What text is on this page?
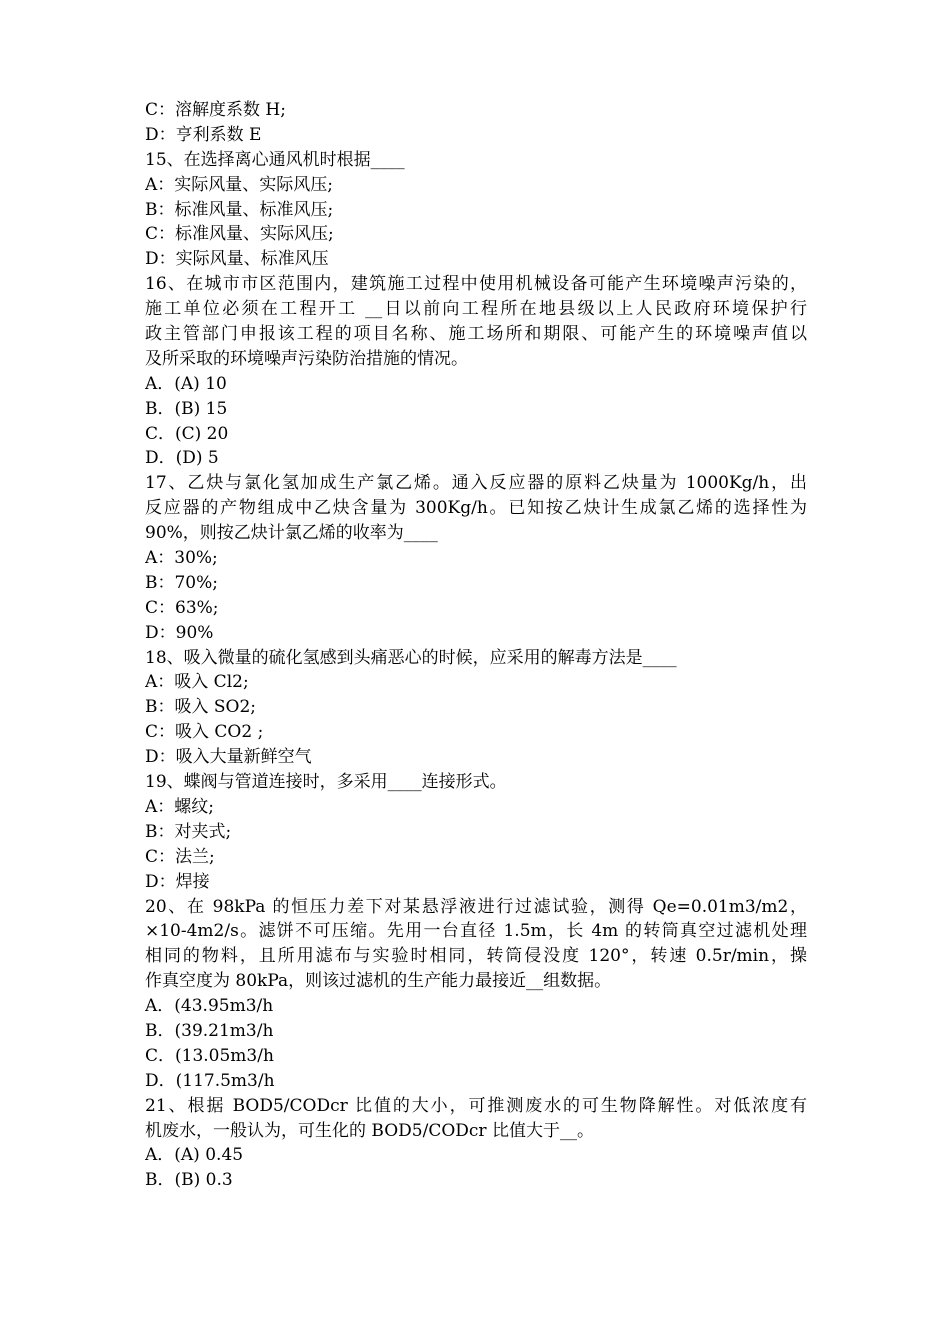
C：溶解度系数 H;
D：亨利系数 E
15、在选择离心通风机时根据____
A：实际风量、实际风压;
B：标准风量、标准风压;
C：标准风量、实际风压;
D：实际风量、标准风压
16、在城市市区范围内，建筑施工过程中使用机械设备可能产生环境噪声污染的，
施工单位必须在工程开工 __日以前向工程所在地县级以上人民政府环境保护行
政主管部门申报该工程的项目名称、施工场所和期限、可能产生的环境噪声值以
及所采取的环境噪声污染防治措施的情况。
A．(A) 10
B．(B) 15
C．(C) 20
D．(D) 5
17、乙炔与氯化氢加成生产氯乙烯。通入反应器的原料乙炔量为 1000Kg/h，出
反应器的产物组成中乙炔含量为 300Kg/h。已知按乙炔计生成氯乙烯的选择性为
90%，则按乙炔计氯乙烯的收率为____
A：30%;
B：70%;
C：63%;
D：90%
18、吸入微量的硫化氢感到头痛恶心的时候，应采用的解毒方法是____
A：吸入 Cl2;
B：吸入 SO2;
C：吸入 CO2 ;
D：吸入大量新鲜空气
19、蝶阀与管道连接时，多采用____连接形式。
A：螺纹;
B：对夹式;
C：法兰;
D：焊接
20、在 98kPa 的恒压力差下对某悬浮液进行过滤试验，测得 Qe=0.01m3/m2，
×10-4m2/s。滤饼不可压缩。先用一台直径 1.5m，长 4m 的转筒真空过滤机处理
相同的物料，且所用滤布与实验时相同，转筒侵没度 120°，转速 0.5r/min，操
作真空度为 80kPa，则该过滤机的生产能力最接近__组数据。
A．(43.95m3/h
B．(39.21m3/h
C．(13.05m3/h
D．(117.5m3/h
21、根据 BOD5/CODcr 比值的大小，可推测废水的可生物降解性。对低浓度有
机废水，一般认为，可生化的 BOD5/CODcr 比值大于__。
A．(A) 0.45
B．(B) 0.3
